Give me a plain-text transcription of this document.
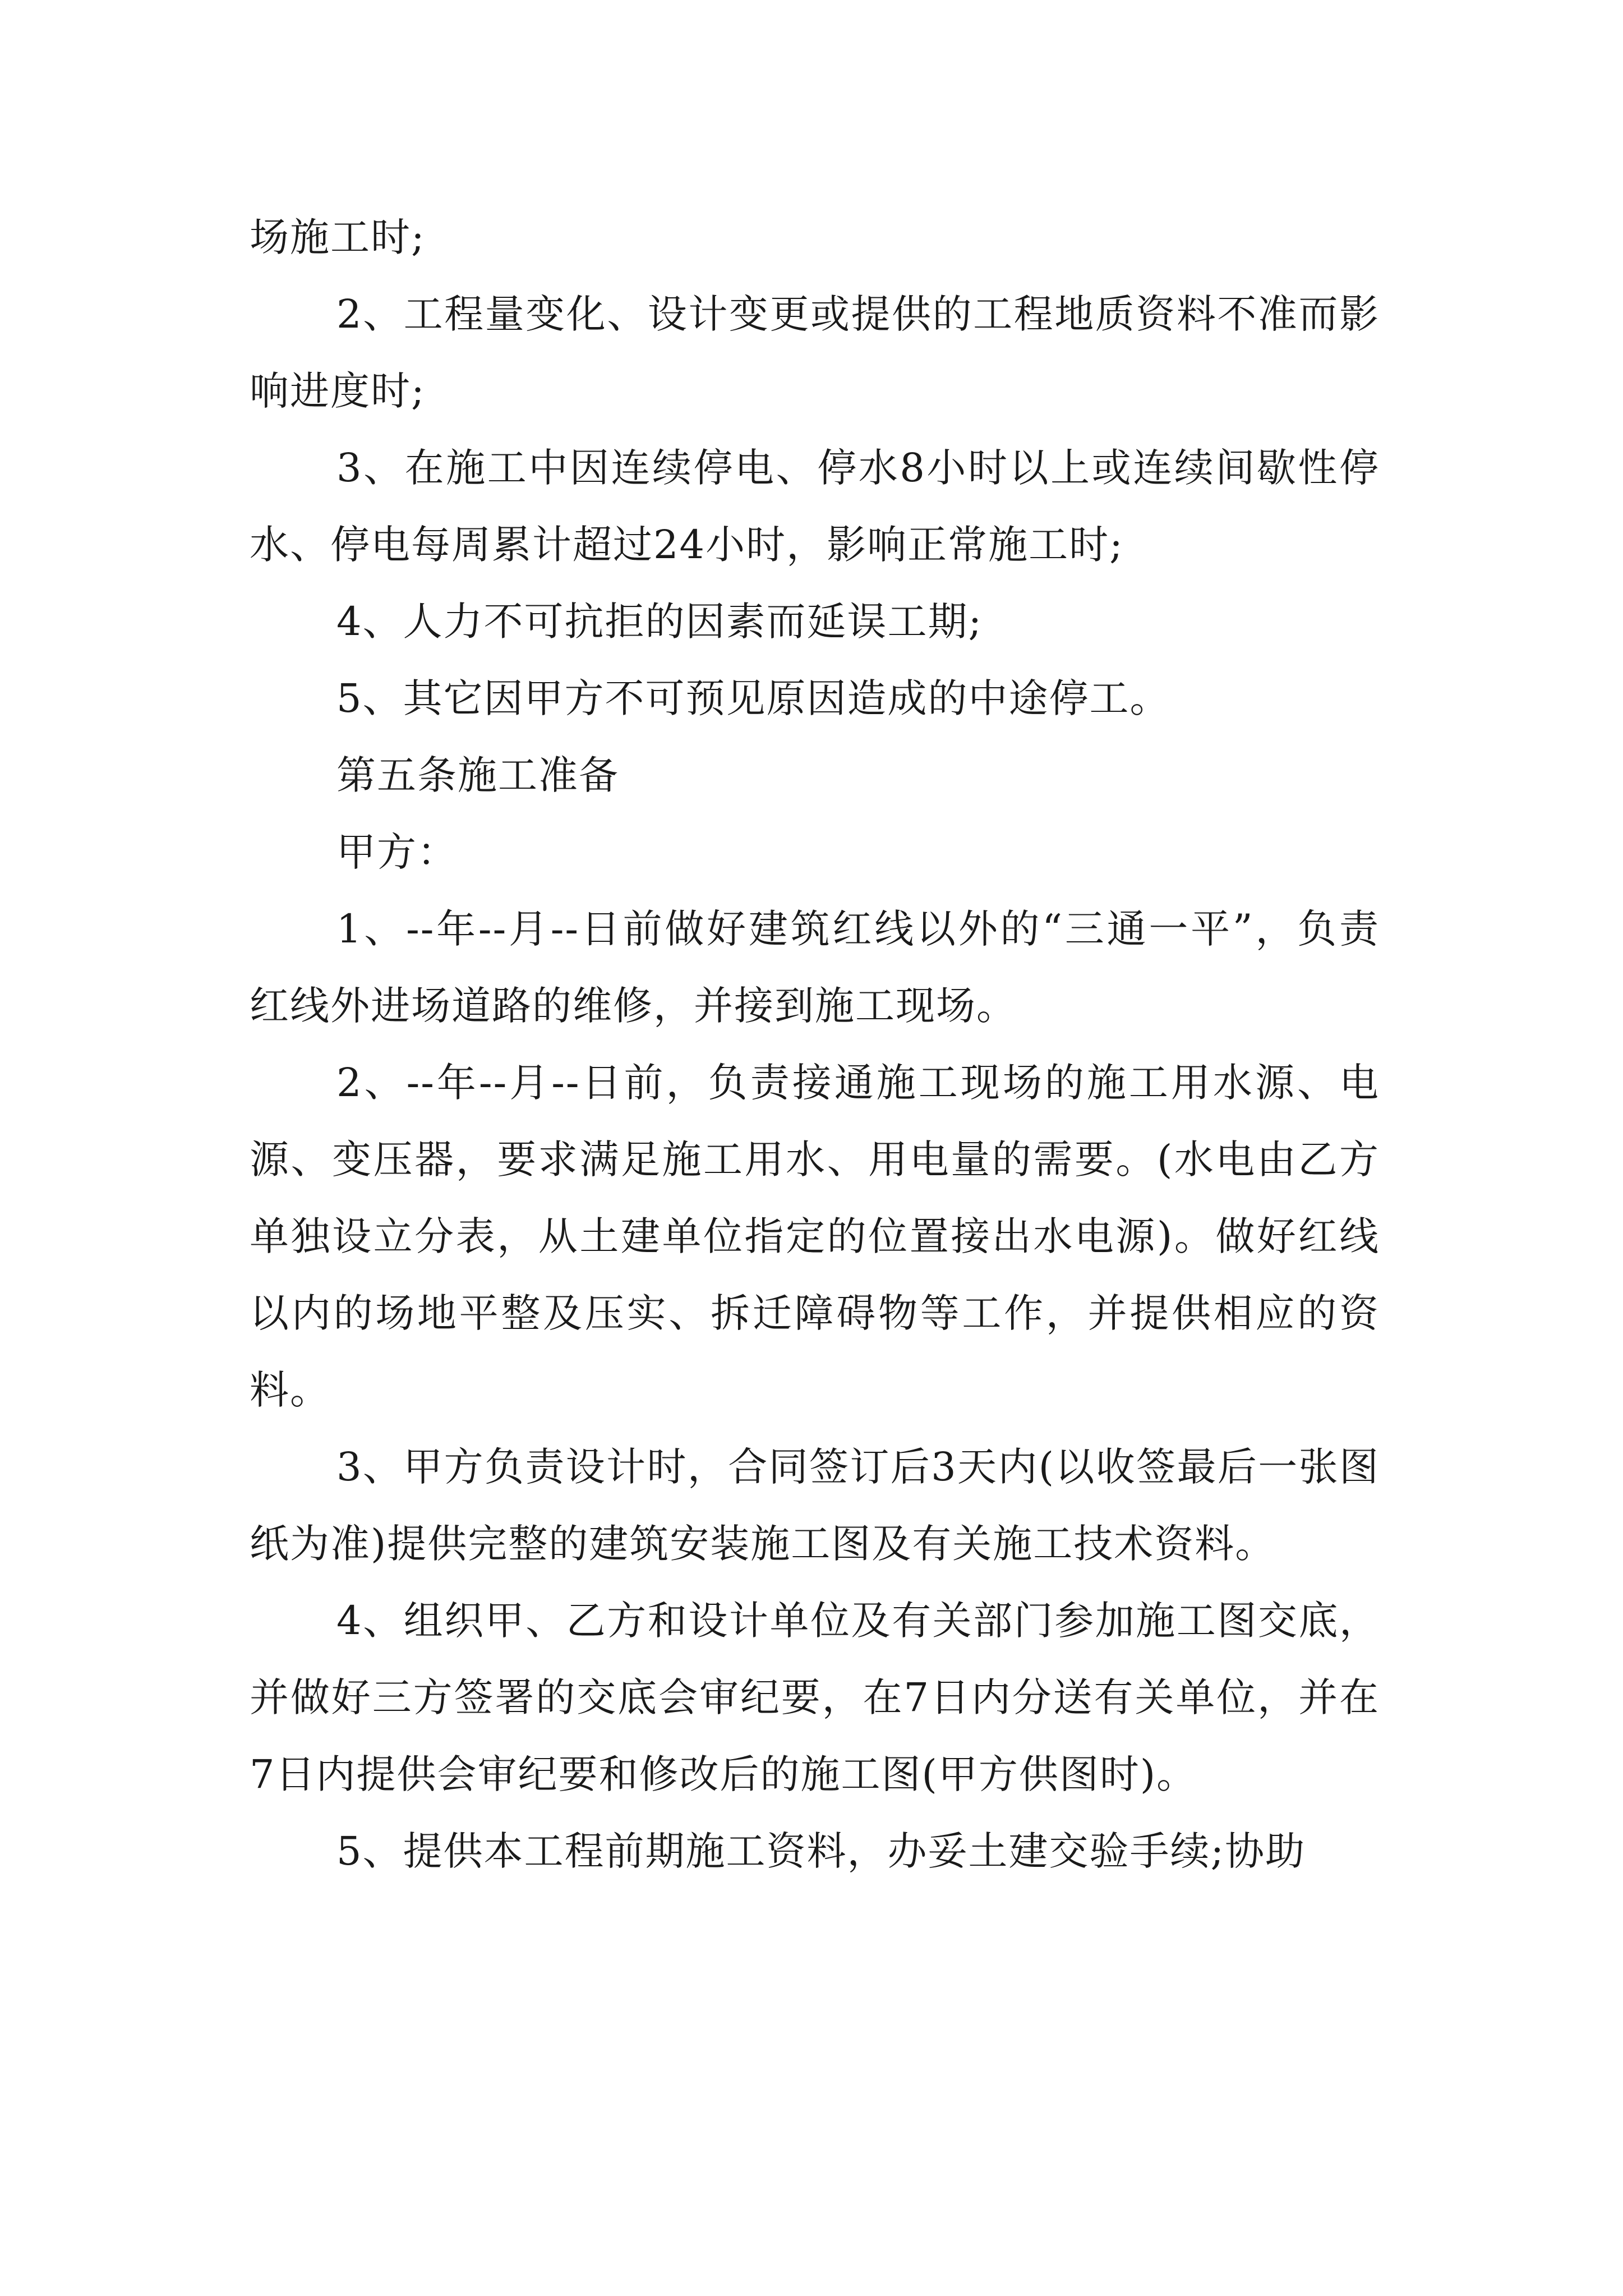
场施工时;

2、工程量变化、设计变更或提供的工程地质资料不准而影响进度时;

3、在施工中因连续停电、停水8小时以上或连续间歇性停水、停电每周累计超过24小时，影响正常施工时;

4、人力不可抗拒的因素而延误工期;

5、其它因甲方不可预见原因造成的中途停工。

第五条施工准备

甲方：

1、--年--月--日前做好建筑红线以外的“三通一平”，负责红线外进场道路的维修，并接到施工现场。

2、--年--月--日前，负责接通施工现场的施工用水源、电源、变压器，要求满足施工用水、用电量的需要。(水电由乙方单独设立分表，从土建单位指定的位置接出水电源)。做好红线以内的场地平整及压实、拆迁障碍物等工作，并提供相应的资料。

3、甲方负责设计时，合同签订后3天内(以收签最后一张图纸为准)提供完整的建筑安装施工图及有关施工技术资料。

4、组织甲、乙方和设计单位及有关部门参加施工图交底，并做好三方签署的交底会审纪要，在7日内分送有关单位，并在7日内提供会审纪要和修改后的施工图(甲方供图时)。

5、提供本工程前期施工资料，办妥土建交验手续;协助
